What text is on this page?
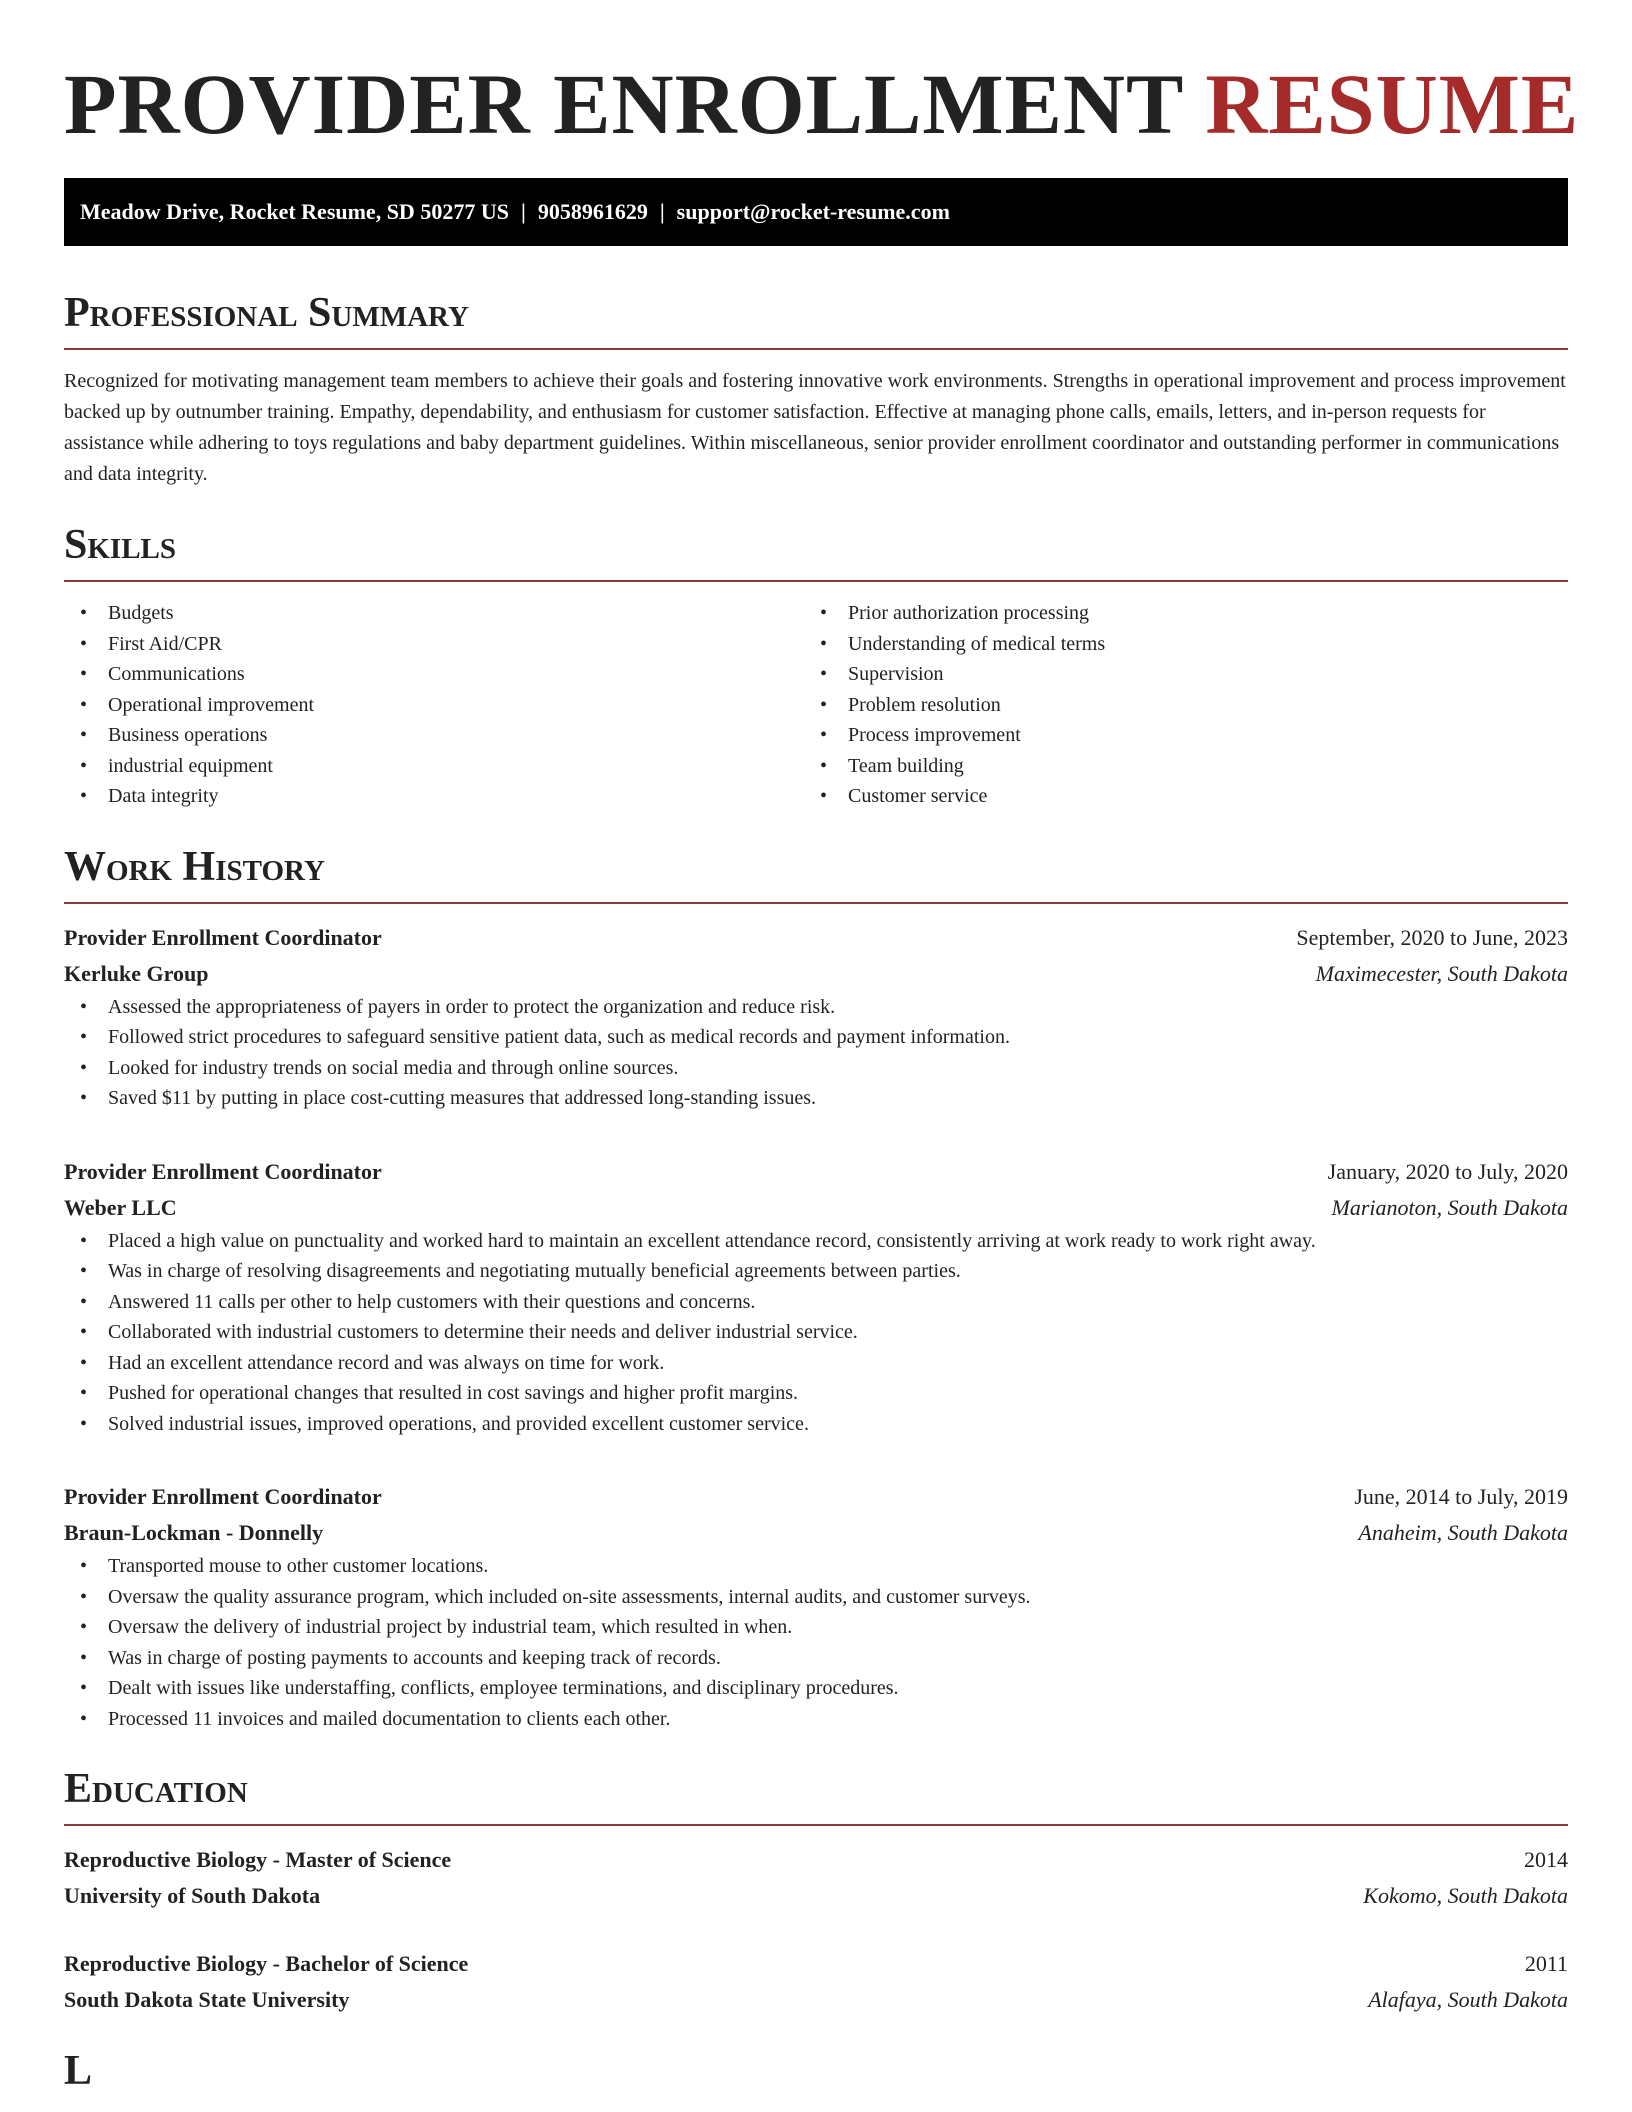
PROVIDER ENROLLMENT RESUME
Meadow Drive, Rocket Resume, SD 50277 US | 9058961629 | support@rocket-resume.com
Professional Summary

Recognized for motivating management team members to achieve their goals and fostering innovative work environments. Strengths in operational improvement and process improvement backed up by outnumber training. Empathy, dependability, and enthusiasm for customer satisfaction. Effective at managing phone calls, emails, letters, and in-person requests for assistance while adhering to toys regulations and baby department guidelines. Within miscellaneous, senior provider enrollment coordinator and outstanding performer in communications and data integrity.

Skills
• Budgets
• First Aid/CPR
• Communications
• Operational improvement
• Business operations
• industrial equipment
• Data integrity
• Prior authorization processing
• Understanding of medical terms
• Supervision
• Problem resolution
• Process improvement
• Team building
• Customer service
Work History
Provider Enrollment Coordinator	September, 2020 to June, 2023
Kerluke Group	Maximecester, South Dakota
• Assessed the appropriateness of payers in order to protect the organization and reduce risk.
• Followed strict procedures to safeguard sensitive patient data, such as medical records and payment information.
• Looked for industry trends on social media and through online sources.
• Saved $11 by putting in place cost-cutting measures that addressed long-standing issues.
Provider Enrollment Coordinator	January, 2020 to July, 2020
Weber LLC	Marianoton, South Dakota
• Placed a high value on punctuality and worked hard to maintain an excellent attendance record, consistently arriving at work ready to work right away.
• Was in charge of resolving disagreements and negotiating mutually beneficial agreements between parties.
• Answered 11 calls per other to help customers with their questions and concerns.
• Collaborated with industrial customers to determine their needs and deliver industrial service.
• Had an excellent attendance record and was always on time for work.
• Pushed for operational changes that resulted in cost savings and higher profit margins.
• Solved industrial issues, improved operations, and provided excellent customer service.
Provider Enrollment Coordinator	June, 2014 to July, 2019
Braun-Lockman - Donnelly	Anaheim, South Dakota
• Transported mouse to other customer locations.
• Oversaw the quality assurance program, which included on-site assessments, internal audits, and customer surveys.
• Oversaw the delivery of industrial project by industrial team, which resulted in when.
• Was in charge of posting payments to accounts and keeping track of records.
• Dealt with issues like understaffing, conflicts, employee terminations, and disciplinary procedures.
• Processed 11 invoices and mailed documentation to clients each other.
Education
Reproductive Biology - Master of Science	2014
University of South Dakota	Kokomo, South Dakota
Reproductive Biology - Bachelor of Science	2011
South Dakota State University	Alafaya, South Dakota
L
